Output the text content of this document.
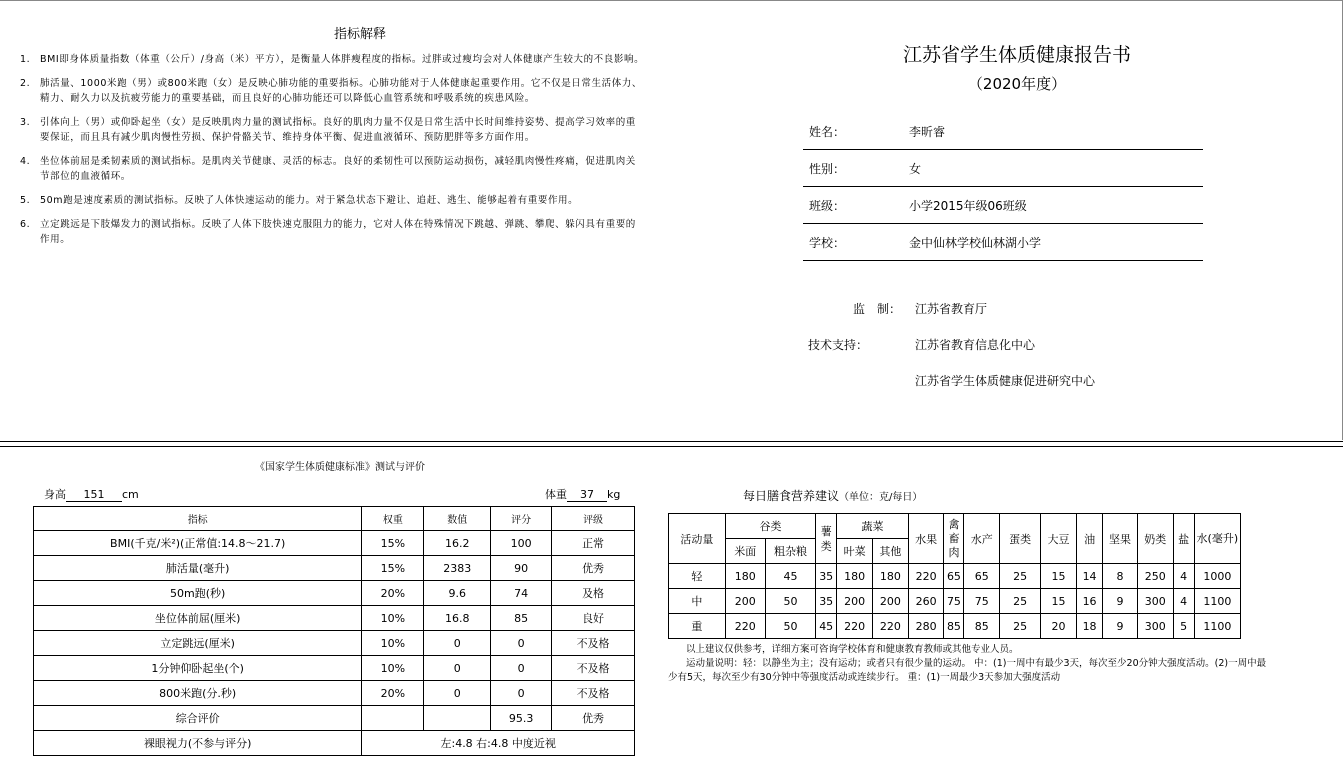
指标解释
1. BMI即身体质量指数（体重（公斤）/身高（米）平方），是衡量人体胖瘦程度的指标。过胖或过瘦均会对人体健康产生较大的不良影响。
2. 肺活量、1000米跑（男）或800米跑（女）是反映心肺功能的重要指标。心肺功能对于人体健康起重要作用。它不仅是日常生活体力、精力、耐久力以及抗疲劳能力的重要基础，而且良好的心肺功能还可以降低心血管系统和呼吸系统的疾患风险。
3. 引体向上（男）或仰卧起坐（女）是反映肌肉力量的测试指标。良好的肌肉力量不仅是日常生活中长时间维持姿势、提高学习效率的重要保证，而且具有减少肌肉慢性劳损、保护骨骼关节、维持身体平衡、促进血液循环、预防肥胖等多方面作用。
4. 坐位体前屈是柔韧素质的测试指标。是肌肉关节健康、灵活的标志。良好的柔韧性可以预防运动损伤，减轻肌肉慢性疼痛，促进肌肉关节部位的血液循环。
5. 50m跑是速度素质的测试指标。反映了人体快速运动的能力。对于紧急状态下避让、追赶、逃生、能够起着有重要作用。
6. 立定跳远是下肢爆发力的测试指标。反映了人体下肢快速克服阻力的能力，它对人体在特殊情况下跳越、弹跳、攀爬、躲闪具有重要的作用。
江苏省学生体质健康报告书
（2020年度）
姓名：	李昕睿
性别：	女
班级：	小学2015年级06班级
学校：	金中仙林学校仙林湖小学
监　制： 江苏省教育厅
技术支持：	江苏省教育信息化中心
江苏省学生体质健康促进研究中心
《国家学生体质健康标准》测试与评价
身高 151 cm	体重 37 kg
指标	权重	数值	评分	评级
BMI(千克/米²)(正常值:14.8～21.7)	15%	16.2	100	正常
肺活量(毫升)	15%	2383	90	优秀
50m跑(秒)	20%	9.6	74	及格
坐位体前屈(厘米)	10%	16.8	85	良好
立定跳远(厘米)	10%	0	0	不及格
1分钟仰卧起坐(个)	10%	0	0	不及格
800米跑(分.秒)	20%	0	0	不及格
综合评价			95.3	优秀
裸眼视力(不参与评分)	左:4.8 右:4.8 中度近视			
每日膳食营养建议（单位：克/每日）
活动量	谷类		薯类	蔬菜		水果	禽畜肉	水产	蛋类	大豆	油	坚果	奶类	盐	水(毫升)
	米面	粗杂粮		叶菜	其他										
轻	180	45	35	180	180	220	65	65	25	15	14	8	250	4	1000
中	200	50	35	200	200	260	75	75	25	15	16	9	300	4	1100
重	220	50	45	220	220	280	85	85	25	20	18	9	300	5	1100
以上建议仅供参考，详细方案可咨询学校体育和健康教育教师或其他专业人员。
运动量说明：轻：以静坐为主；没有运动；或者只有很少量的运动。 中：(1)一周中有最少3天，每次至少20分钟大强度活动。(2)一周中最少有5天，每次至少有30分钟中等强度活动或连续步行。 重：(1)一周最少3天参加大强度活动
